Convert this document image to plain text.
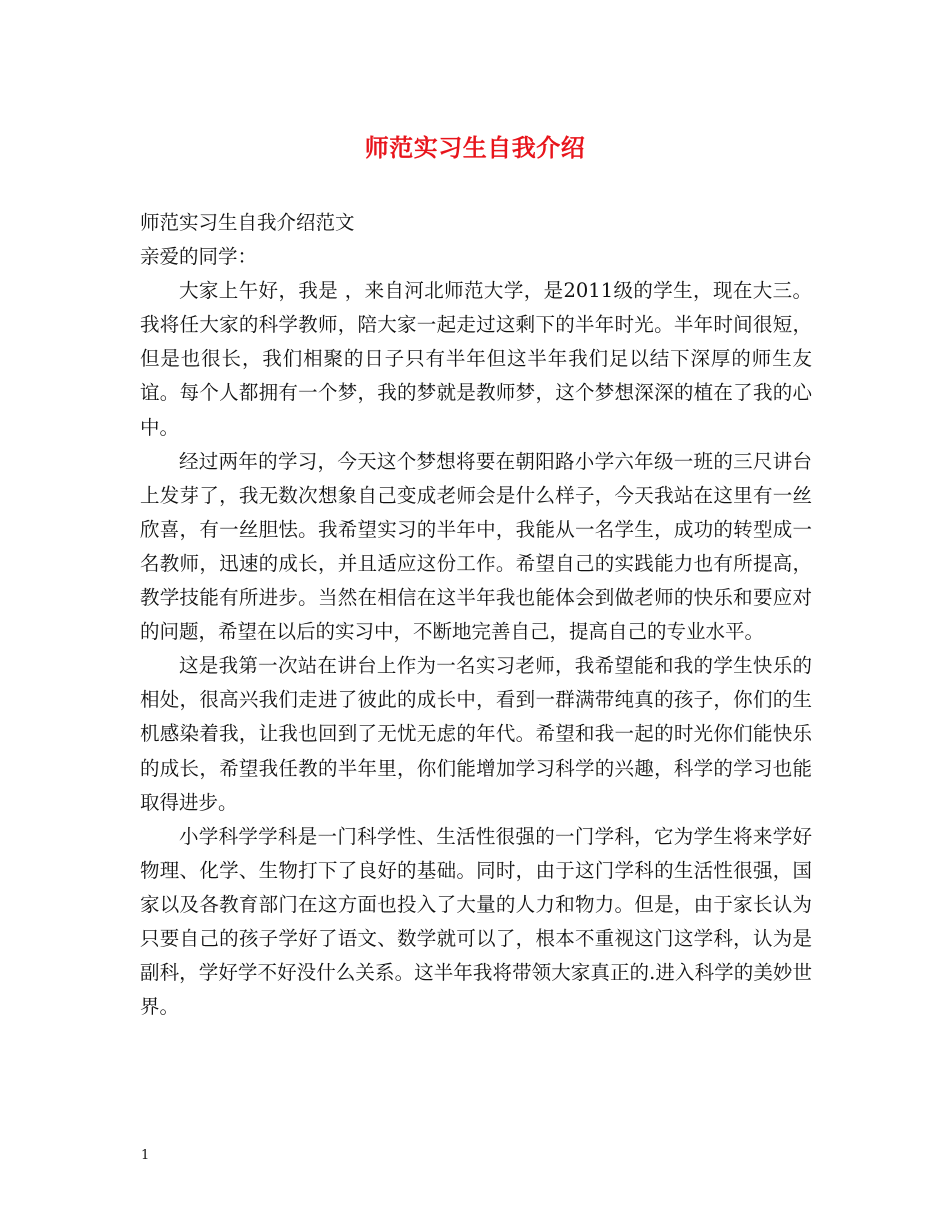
师范实习生自我介绍

师范实习生自我介绍范文

亲爱的同学：

大家上午好，我是 ，来自河北师范大学，是2011级的学生，现在大三。我将任大家的科学教师，陪大家一起走过这剩下的半年时光。半年时间很短，但是也很长，我们相聚的日子只有半年但这半年我们足以结下深厚的师生友谊。每个人都拥有一个梦，我的梦就是教师梦，这个梦想深深的植在了我的心中。

经过两年的学习，今天这个梦想将要在朝阳路小学六年级一班的三尺讲台上发芽了，我无数次想象自己变成老师会是什么样子，今天我站在这里有一丝欣喜，有一丝胆怯。我希望实习的半年中，我能从一名学生，成功的转型成一名教师，迅速的成长，并且适应这份工作。希望自己的实践能力也有所提高，教学技能有所进步。当然在相信在这半年我也能体会到做老师的快乐和要应对的问题，希望在以后的实习中，不断地完善自己，提高自己的专业水平。

这是我第一次站在讲台上作为一名实习老师，我希望能和我的学生快乐的相处，很高兴我们走进了彼此的成长中，看到一群满带纯真的孩子，你们的生机感染着我，让我也回到了无忧无虑的年代。希望和我一起的时光你们能快乐的成长，希望我任教的半年里，你们能增加学习科学的兴趣，科学的学习也能取得进步。

小学科学学科是一门科学性、生活性很强的一门学科，它为学生将来学好物理、化学、生物打下了良好的基础。同时，由于这门学科的生活性很强，国家以及各教育部门在这方面也投入了大量的人力和物力。但是，由于家长认为只要自己的孩子学好了语文、数学就可以了，根本不重视这门这学科，认为是副科，学好学不好没什么关系。这半年我将带领大家真正的.进入科学的美妙世界。

1
